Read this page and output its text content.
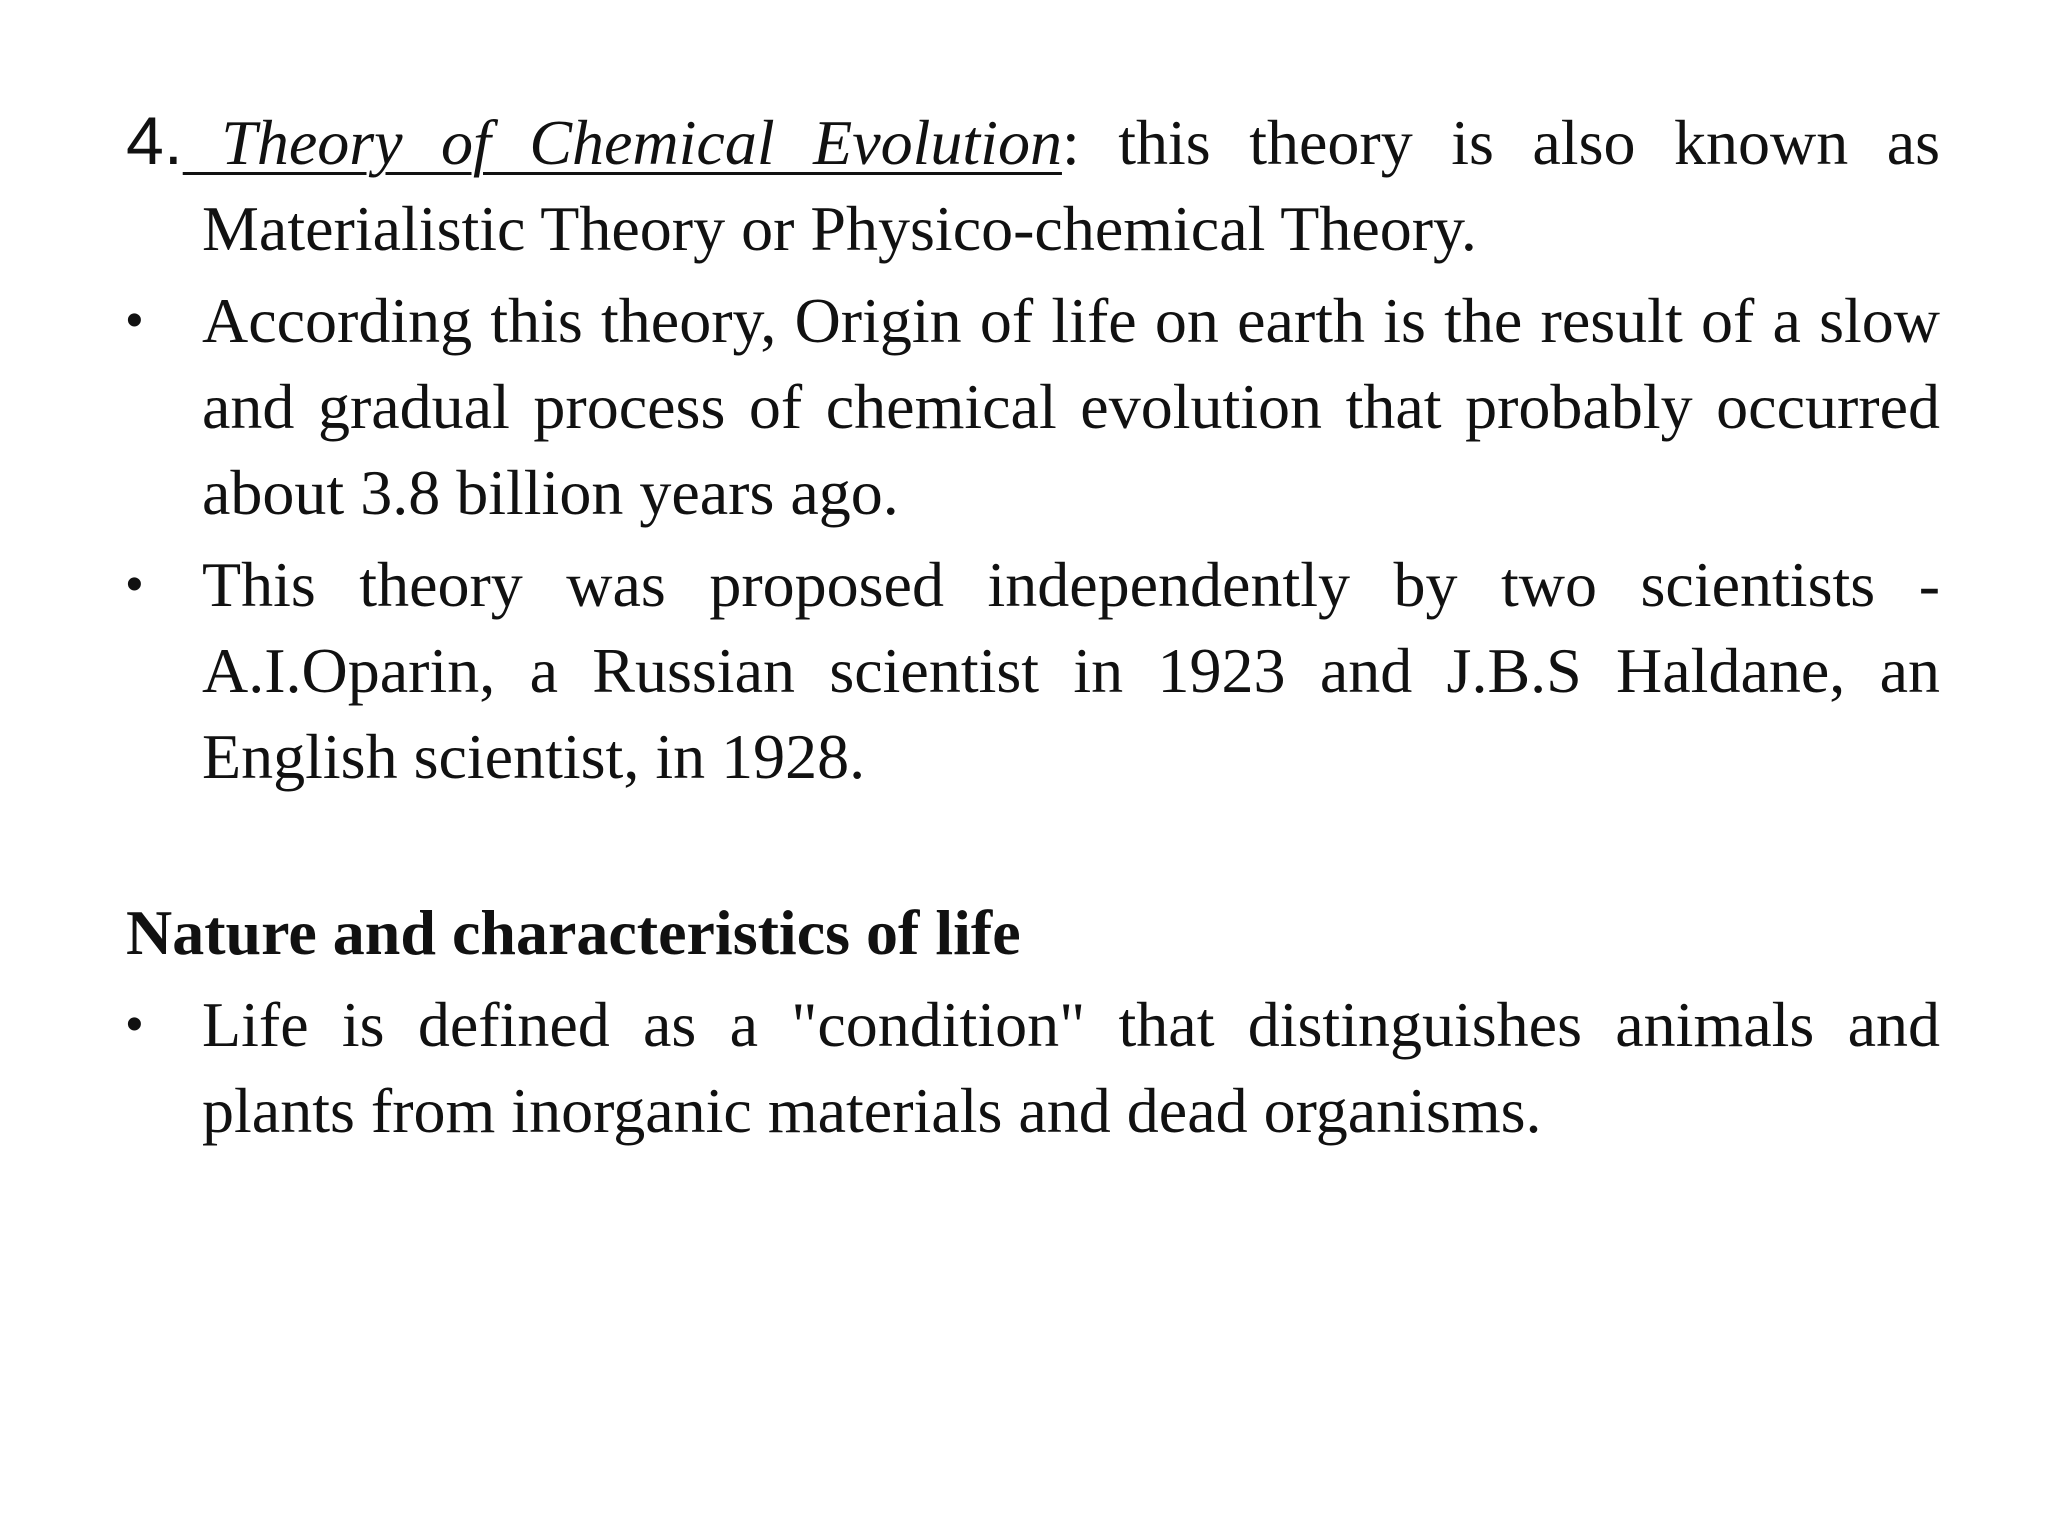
4. Theory of Chemical Evolution: this theory is also known as Materialistic Theory or Physico-chemical Theory.
• According this theory, Origin of life on earth is the result of a slow and gradual process of chemical evolution that probably occurred about 3.8 billion years ago.
• This theory was proposed independently by two scientists - A.I.Oparin, a Russian scientist in 1923 and J.B.S Haldane, an English scientist, in 1928.
Nature and characteristics of life
• Life is defined as a "condition" that distinguishes animals and plants from inorganic materials and dead organisms.
